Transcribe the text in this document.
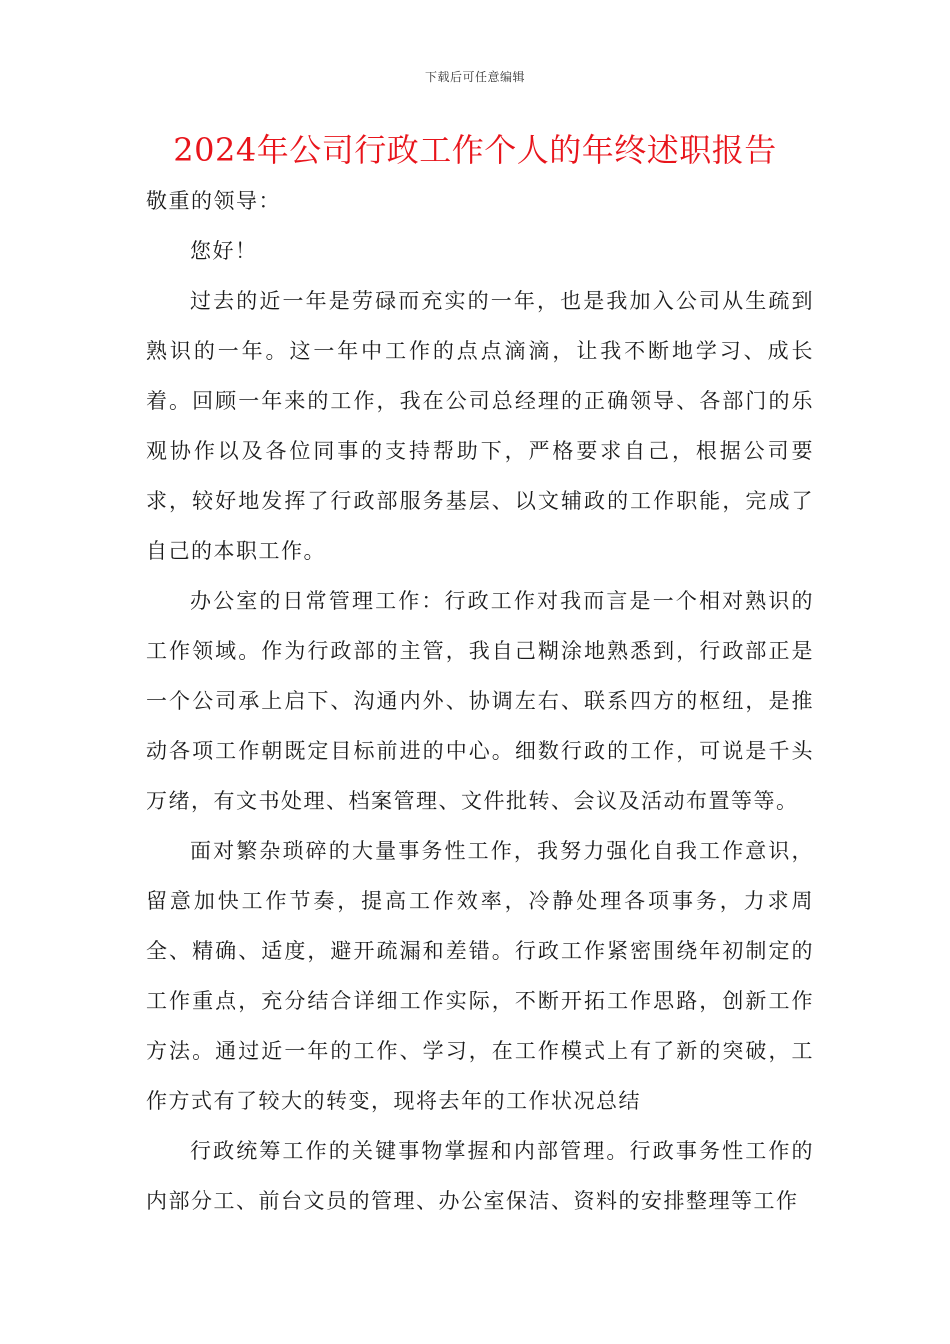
下载后可任意编辑
2024年公司行政工作个人的年终述职报告

敬重的领导：

您好！

过去的近一年是劳碌而充实的一年，也是我加入公司从生疏到熟识的一年。这一年中工作的点点滴滴，让我不断地学习、成长着。回顾一年来的工作，我在公司总经理的正确领导、各部门的乐观协作以及各位同事的支持帮助下，严格要求自己，根据公司要求，较好地发挥了行政部服务基层、以文辅政的工作职能，完成了自己的本职工作。

办公室的日常管理工作：行政工作对我而言是一个相对熟识的工作领域。作为行政部的主管，我自己糊涂地熟悉到，行政部正是一个公司承上启下、沟通内外、协调左右、联系四方的枢纽，是推动各项工作朝既定目标前进的中心。细数行政的工作，可说是千头万绪，有文书处理、档案管理、文件批转、会议及活动布置等等。

面对繁杂琐碎的大量事务性工作，我努力强化自我工作意识，留意加快工作节奏，提高工作效率，冷静处理各项事务，力求周全、精确、适度，避开疏漏和差错。行政工作紧密围绕年初制定的工作重点，充分结合详细工作实际，不断开拓工作思路，创新工作方法。通过近一年的工作、学习，在工作模式上有了新的突破，工作方式有了较大的转变，现将去年的工作状况总结

行政统筹工作的关键事物掌握和内部管理。行政事务性工作的内部分工、前台文员的管理、办公室保洁、资料的安排整理等工作
